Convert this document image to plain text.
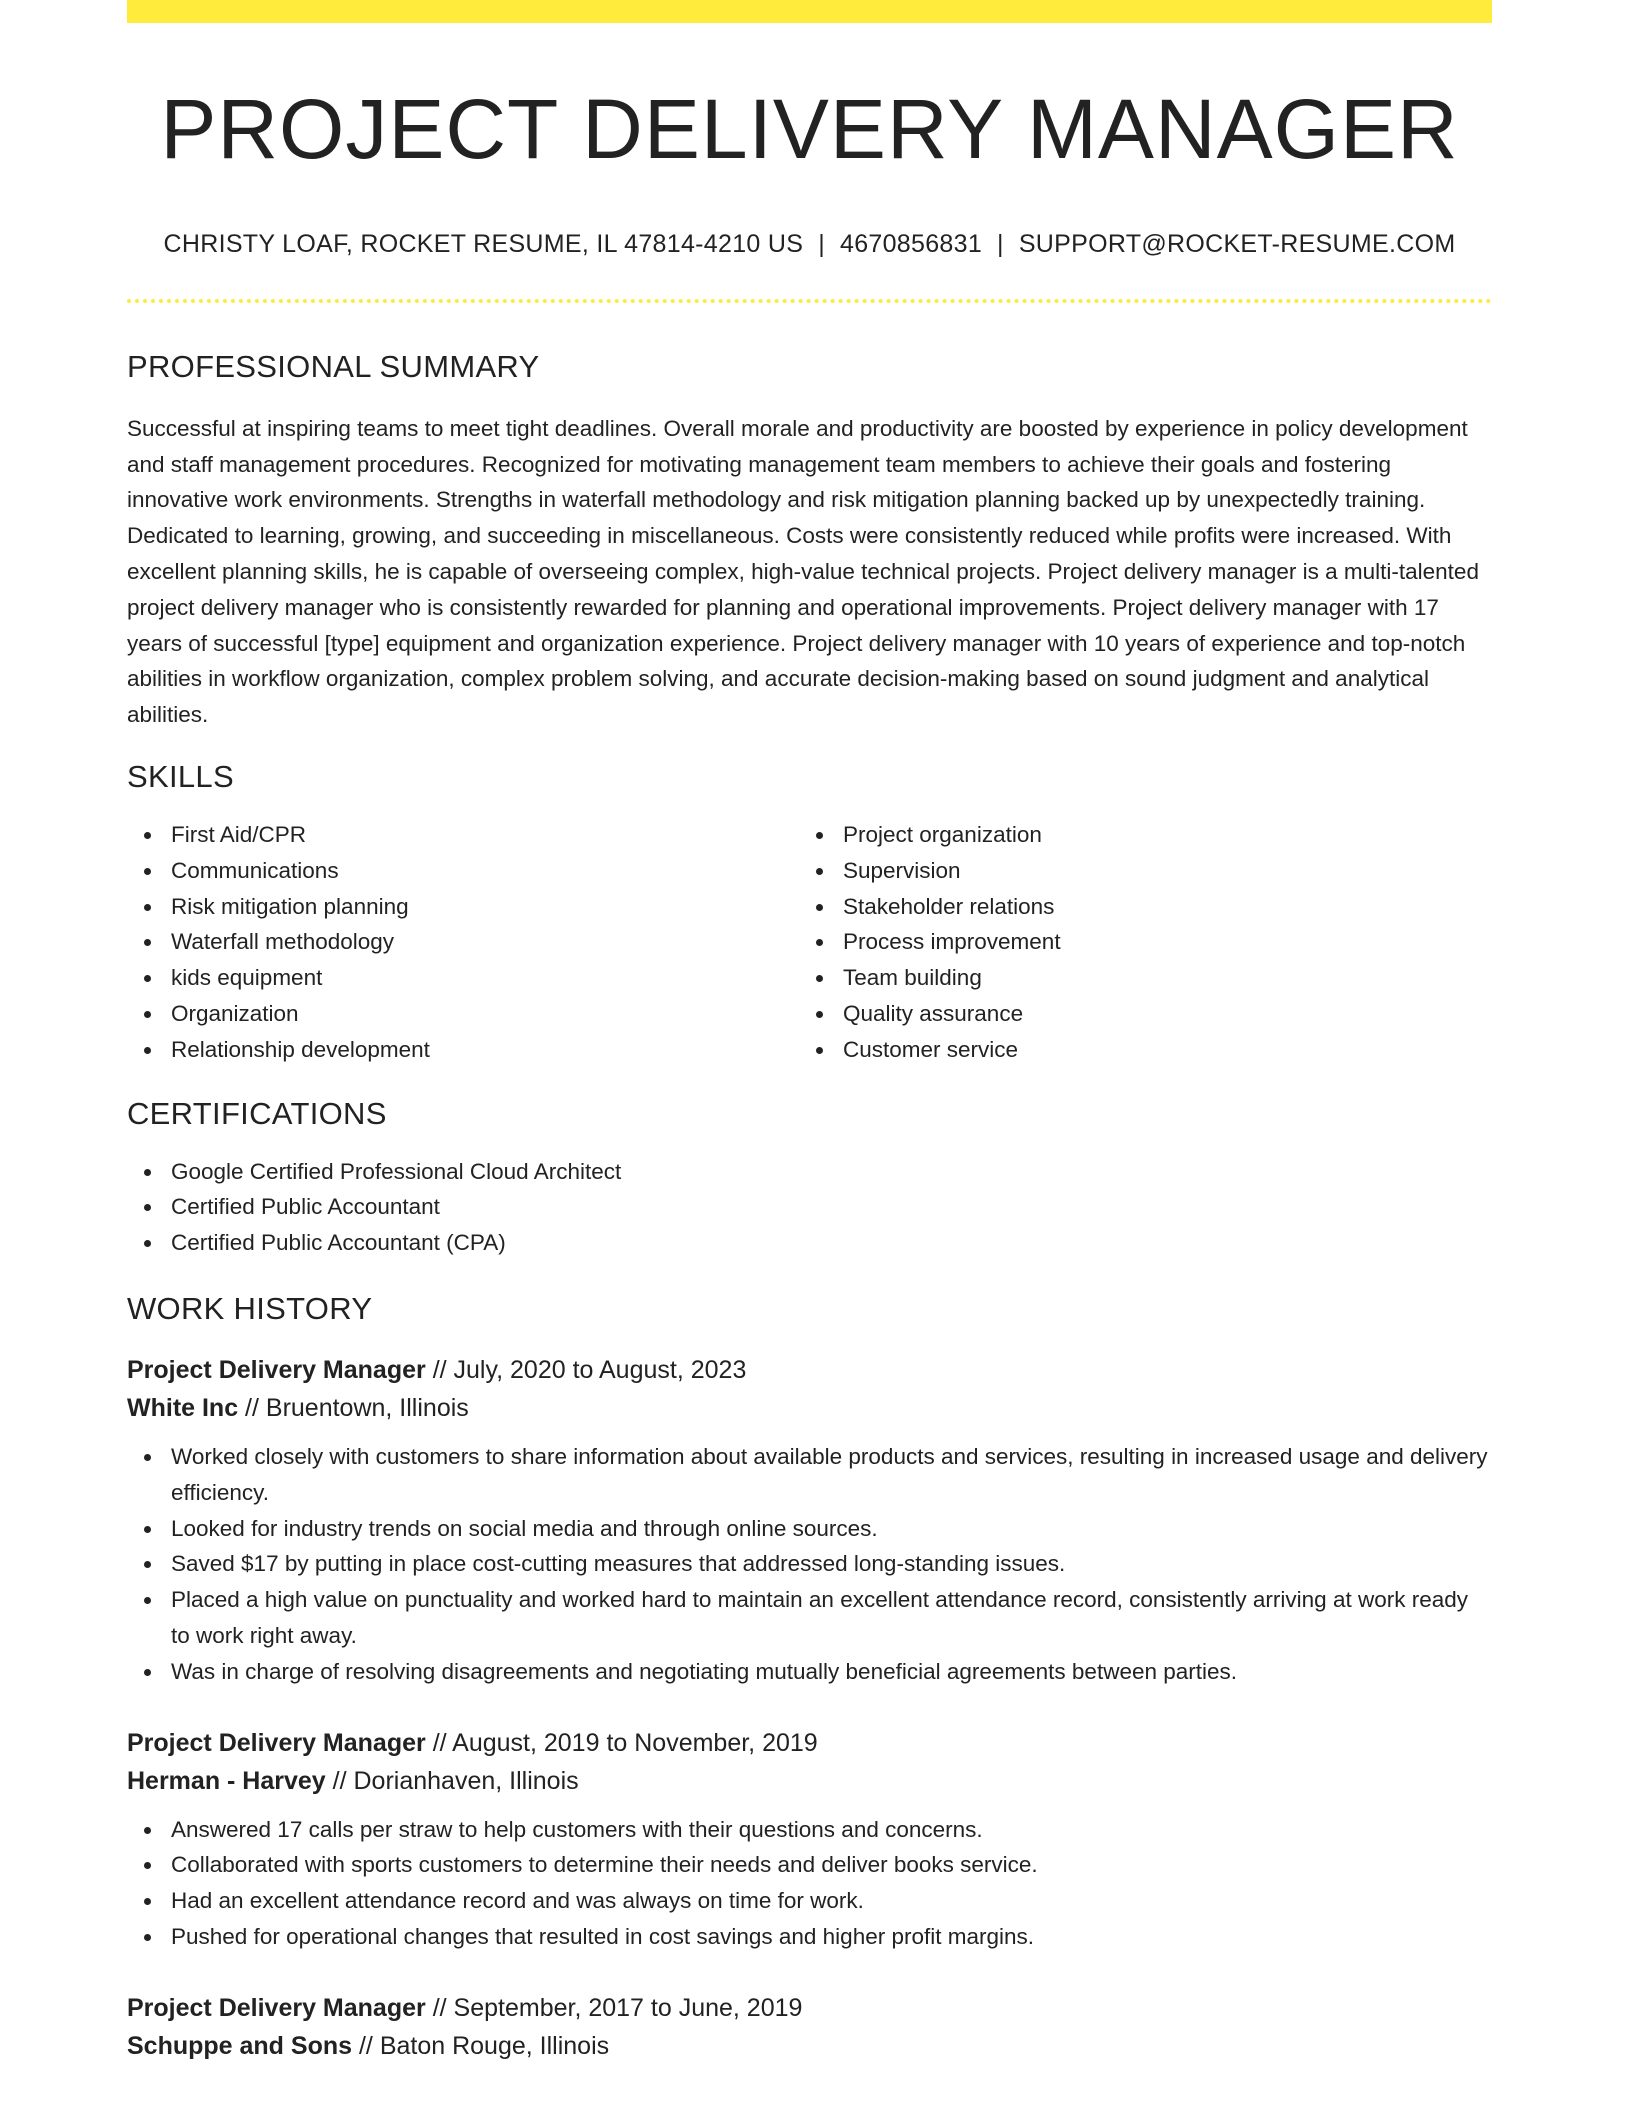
PROJECT DELIVERY MANAGER
CHRISTY LOAF, ROCKET RESUME, IL 47814-4210 US | 4670856831 | SUPPORT@ROCKET-RESUME.COM
PROFESSIONAL SUMMARY

Successful at inspiring teams to meet tight deadlines. Overall morale and productivity are boosted by experience in policy development and staff management procedures. Recognized for motivating management team members to achieve their goals and fostering innovative work environments. Strengths in waterfall methodology and risk mitigation planning backed up by unexpectedly training. Dedicated to learning, growing, and succeeding in miscellaneous. Costs were consistently reduced while profits were increased. With excellent planning skills, he is capable of overseeing complex, high-value technical projects. Project delivery manager is a multi-talented project delivery manager who is consistently rewarded for planning and operational improvements. Project delivery manager with 17 years of successful [type] equipment and organization experience. Project delivery manager with 10 years of experience and top-notch abilities in workflow organization, complex problem solving, and accurate decision-making based on sound judgment and analytical abilities.

SKILLS
First Aid/CPR
Communications
Risk mitigation planning
Waterfall methodology
kids equipment
Organization
Relationship development
Project organization
Supervision
Stakeholder relations
Process improvement
Team building
Quality assurance
Customer service
CERTIFICATIONS
Google Certified Professional Cloud Architect
Certified Public Accountant
Certified Public Accountant (CPA)
WORK HISTORY
Project Delivery Manager // July, 2020 to August, 2023
White Inc // Bruentown, Illinois
Worked closely with customers to share information about available products and services, resulting in increased usage and delivery efficiency.
Looked for industry trends on social media and through online sources.
Saved $17 by putting in place cost-cutting measures that addressed long-standing issues.
Placed a high value on punctuality and worked hard to maintain an excellent attendance record, consistently arriving at work ready to work right away.
Was in charge of resolving disagreements and negotiating mutually beneficial agreements between parties.
Project Delivery Manager // August, 2019 to November, 2019
Herman - Harvey // Dorianhaven, Illinois
Answered 17 calls per straw to help customers with their questions and concerns.
Collaborated with sports customers to determine their needs and deliver books service.
Had an excellent attendance record and was always on time for work.
Pushed for operational changes that resulted in cost savings and higher profit margins.
Project Delivery Manager // September, 2017 to June, 2019
Schuppe and Sons // Baton Rouge, Illinois
